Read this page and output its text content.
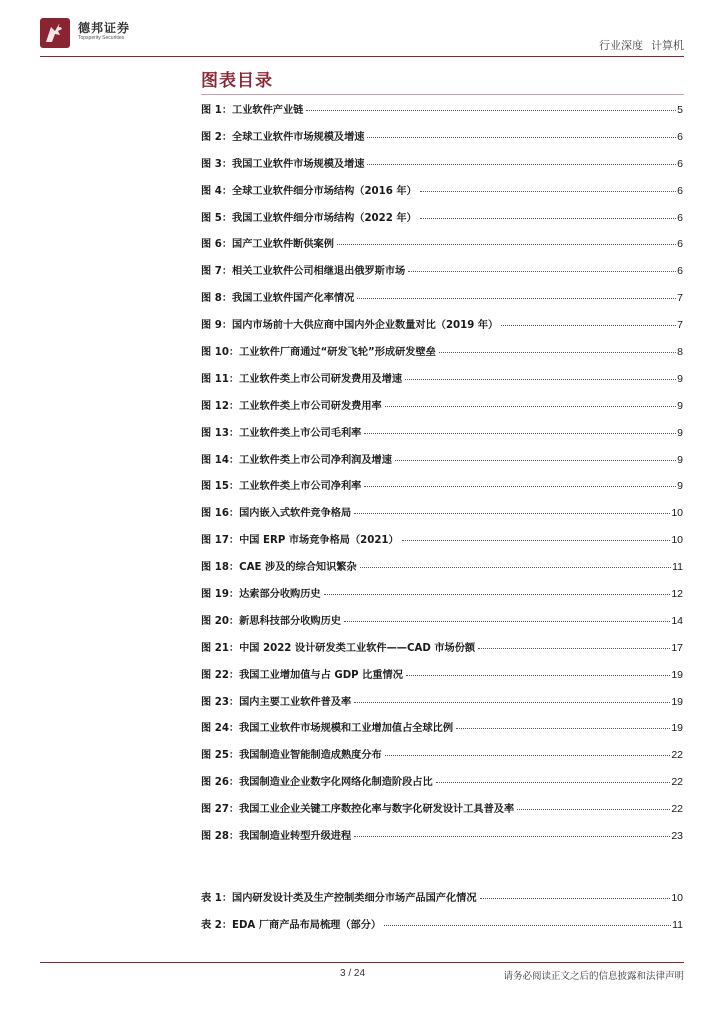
德邦证券
Topsperity Securities
行业深度 计算机
图表目录
图 1：工业软件产业链	5
图 2：全球工业软件市场规模及增速	6
图 3：我国工业软件市场规模及增速	6
图 4：全球工业软件细分市场结构（2016 年）	6
图 5：我国工业软件细分市场结构（2022 年）	6
图 6：国产工业软件断供案例	6
图 7：相关工业软件公司相继退出俄罗斯市场	6
图 8：我国工业软件国产化率情况	7
图 9：国内市场前十大供应商中国内外企业数量对比（2019 年）	7
图 10：工业软件厂商通过“研发飞轮”形成研发壁垒	8
图 11：工业软件类上市公司研发费用及增速	9
图 12：工业软件类上市公司研发费用率	9
图 13：工业软件类上市公司毛利率	9
图 14：工业软件类上市公司净利润及增速	9
图 15：工业软件类上市公司净利率	9
图 16：国内嵌入式软件竞争格局	10
图 17：中国 ERP 市场竞争格局（2021）	10
图 18：CAE 涉及的综合知识繁杂	11
图 19：达索部分收购历史	12
图 20：新思科技部分收购历史	14
图 21：中国 2022 设计研发类工业软件——CAD 市场份额	17
图 22：我国工业增加值与占 GDP 比重情况	19
图 23：国内主要工业软件普及率	19
图 24：我国工业软件市场规模和工业增加值占全球比例	19
图 25：我国制造业智能制造成熟度分布	22
图 26：我国制造业企业数字化网络化制造阶段占比	22
图 27：我国工业企业关键工序数控化率与数字化研发设计工具普及率	22
图 28：我国制造业转型升级进程	23
表 1：国内研发设计类及生产控制类细分市场产品国产化情况	10
表 2：EDA 厂商产品布局梳理（部分）	11
3 / 24	请务必阅读正文之后的信息披露和法律声明
